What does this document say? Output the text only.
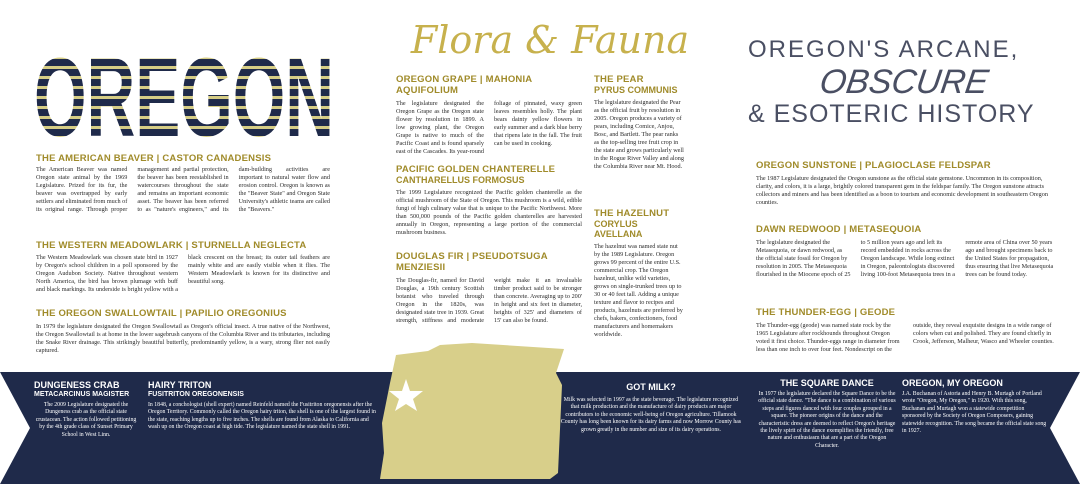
OREGON	Flora & Fauna	OREGON'S ARCANE,
OBSCURE
& ESOTERIC HISTORY

THE AMERICAN BEAVER | CASTOR CANADENSIS

The American Beaver was named Oregon state animal by the 1969 Legislature. Prized for its fur, the beaver was overtrapped by early settlers and eliminated from much of its original range. Through proper management and partial protection, the beaver has been reestablished in watercourses throughout the state and remains an important economic asset. The beaver has been referred to as "nature's engineers," and its dam-building activities are important to natural water flow and erosion control. Oregon is known as the "Beaver State" and Oregon State University's athletic teams are called the "Beavers."

THE WESTERN MEADOWLARK | STURNELLA NEGLECTA

The Western Meadowlark was chosen state bird in 1927 by Oregon's school children in a poll sponsored by the Oregon Audubon Society. Native throughout western North America, the bird has brown plumage with buff and black markings. Its underside is bright yellow with a black crescent on the breast; its outer tail feathers are mainly white and are easily visible when it flies. The Western Meadowlark is known for its distinctive and beautiful song.

THE OREGON SWALLOWTAIL | PAPILIO OREGONIUS

In 1979 the legislature designated the Oregon Swallowtail as Oregon's official insect. A true native of the Northwest, the Oregon Swallowtail is at home in the lower sagebrush canyons of the Columbia River and its tributaries, including the Snake River drainage. This strikingly beautiful butterfly, predominantly yellow, is a wary, strong flier not easily captured.

OREGON GRAPE | MAHONIA AQUIFOLIUM

The legislature designated the Oregon Grape as the Oregon state flower by resolution in 1899. A low growing plant, the Oregon Grape is native to much of the Pacific Coast and is found sparsely east of the Cascades. Its year-round foliage of pinnated, waxy green leaves resembles holly. The plant bears dainty yellow flowers in early summer and a dark blue berry that ripens late in the fall. The fruit can be used in cooking.

THE PEAR

PYRUS COMMUNIS

The legislature designated the Pear as the official fruit by resolution in 2005. Oregon produces a variety of pears, including Comice, Anjou, Bosc, and Bartlett. The pear ranks as the top-selling tree fruit crop in the state and grows particularly well in the Rogue River Valley and along the Columbia River near Mt. Hood.

PACIFIC GOLDEN CHANTERELLE

CANTHARELLUS FORMOSUS

The 1999 Legislature recognized the Pacific golden chanterelle as the official mushroom of the State of Oregon. This mushroom is a wild, edible fungi of high culinary value that is unique to the Pacific Northwest. More than 500,000 pounds of the Pacific golden chanterelles are harvested annually in Oregon, representing a large portion of the commercial mushroom business.

DOUGLAS FIR | PSEUDOTSUGA MENZIESII

The Douglas-fir, named for David Douglas, a 19th century Scottish botanist who traveled through Oregon in the 1820s, was designated state tree in 1939. Great strength, stiffness and moderate weight make it an invaluable timber product said to be stronger than concrete. Averaging up to 200' in height and six feet in diameter, heights of 325' and diameters of 15' can also be found.

THE HAZELNUT

CORYLUS AVELLANA

The hazelnut was named state nut by the 1989 Legislature. Oregon grows 99 percent of the entire U.S. commercial crop. The Oregon hazelnut, unlike wild varieties, grows on single-trunked trees up to 30 or 40 feet tall. Adding a unique texture and flavor to recipes and products, hazelnuts are preferred by chefs, bakers, confectioners, food manufacturers and homemakers worldwide.

OREGON SUNSTONE | PLAGIOCLASE FELDSPAR

The 1987 Legislature designated the Oregon sunstone as the official state gemstone. Uncommon in its composition, clarity, and colors, it is a large, brightly colored transparent gem in the feldspar family. The Oregon sunstone attracts collectors and miners and has been identified as a boon to tourism and economic development in southeastern Oregon counties.

DAWN REDWOOD | METASEQUOIA

The legislature designated the Metasequoia, or dawn redwood, as the official state fossil for Oregon by resolution in 2005. The Metasequoia flourished in the Miocene epoch of 25 to 5 million years ago and left its record embedded in rocks across the Oregon landscape. While long extinct in Oregon, paleontologists discovered living 100-foot Metasequoia trees in a remote area of China over 50 years ago and brought specimens back to the United States for propagation, thus ensuring that live Metasequoia trees can be found today.

THE THUNDER-EGG | GEODE

The Thunder-egg (geode) was named state rock by the 1965 Legislature after rockhounds throughout Oregon voted it first choice. Thunder-eggs range in diameter from less than one inch to over four feet. Nondescript on the outside, they reveal exquisite designs in a wide range of colors when cut and polished. They are found chiefly in Crook, Jefferson, Malheur, Wasco and Wheeler counties.

DUNGENESS CRAB

METACARCINUS MAGISTER

The 2009 Legislature designated the Dungeness crab as the official state crustacean. The action followed petitioning by the 4th grade class of Sunset Primary School in West Linn.

HAIRY TRITON

FUSITRITON OREGONENSIS

In 1848, a conchologist (shell expert) named Reinfeld named the Fusitriton oregonensis after the Oregon Territory. Commonly called the Oregon hairy triton, the shell is one of the largest found in the state, reaching lengths up to five inches. The shells are found from Alaska to California and wash up on the Oregon coast at high tide. The legislature named the state shell in 1991.

GOT MILK?

Milk was selected in 1997 as the state beverage. The legislature recognized that milk production and the manufacture of dairy products are major contributors to the economic well-being of Oregon agriculture. Tillamook County has long been known for its dairy farms and now Morrow County has grown greatly in the number and size of its dairy operations.

THE SQUARE DANCE

In 1977 the legislature declared the Square Dance to be the official state dance. "The dance is a combination of various steps and figures danced with four couples grouped in a square. The pioneer origins of the dance and the characteristic dress are deemed to reflect Oregon's heritage the lively spirit of the dance exemplifies the friendly, free nature and enthusiasm that are a part of the Oregon Character.

OREGON, MY OREGON

J.A. Buchanan of Astoria and Henry B. Murtagh of Portland wrote "Oregon, My Oregon," in 1920. With this song, Buchanan and Murtagh won a statewide competition sponsored by the Society of Oregon Composers, gaining statewide recognition. The song became the official state song in 1927.
